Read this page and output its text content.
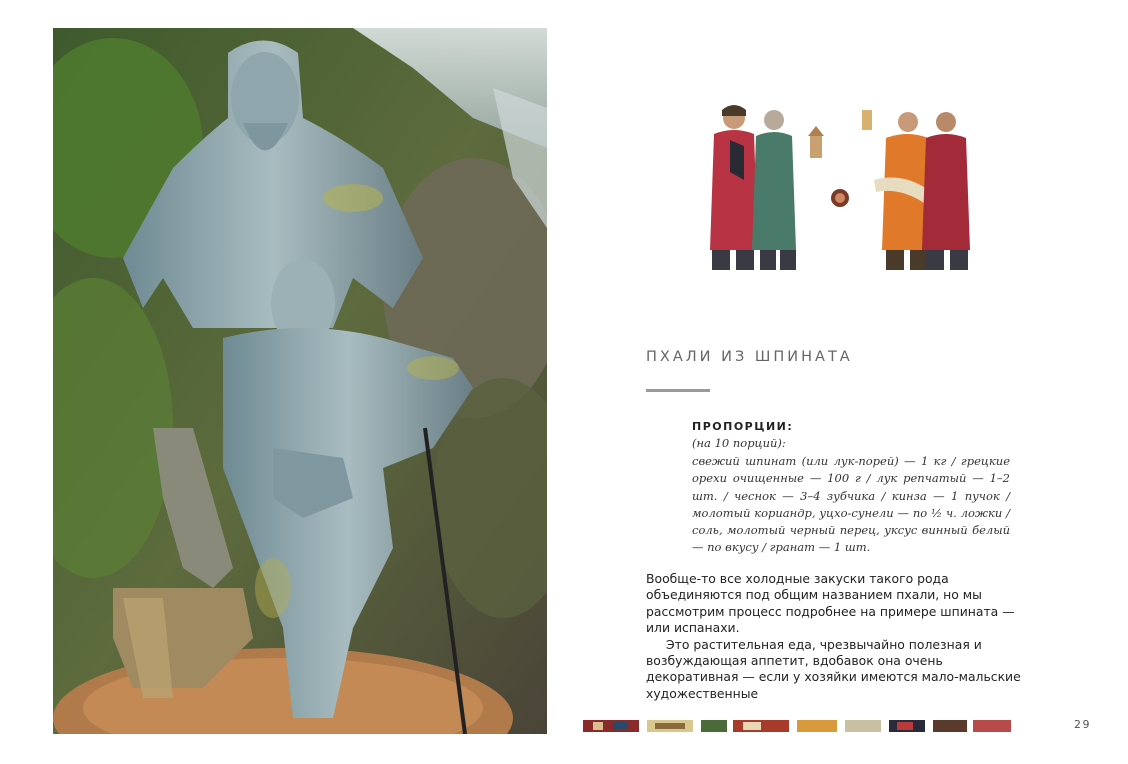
ПХАЛИ ИЗ ШПИНАТА
ПРОПОРЦИИ:
(на 10 порций):

свежий шпинат (или лук-порей) — 1 кг / грецкие орехи очищенные — 100 г / лук репчатый — 1–2 шт. / чеснок — 3–4 зубчика / кинза — 1 пучок / молотый кориандр, уцхо-сунели — по ½ ч. ложки / соль, молотый черный перец, уксус винный белый — по вкусу / гранат — 1 шт.

Вообще-то все холодные закуски такого рода объединяются под общим названием пхали, но мы рассмотрим процесс подробнее на примере шпината — или испанахи.

Это растительная еда, чрезвычайно полезная и возбуждающая аппетит, вдобавок она очень декоративная — если у хозяйки имеются мало-мальские художественные

29
